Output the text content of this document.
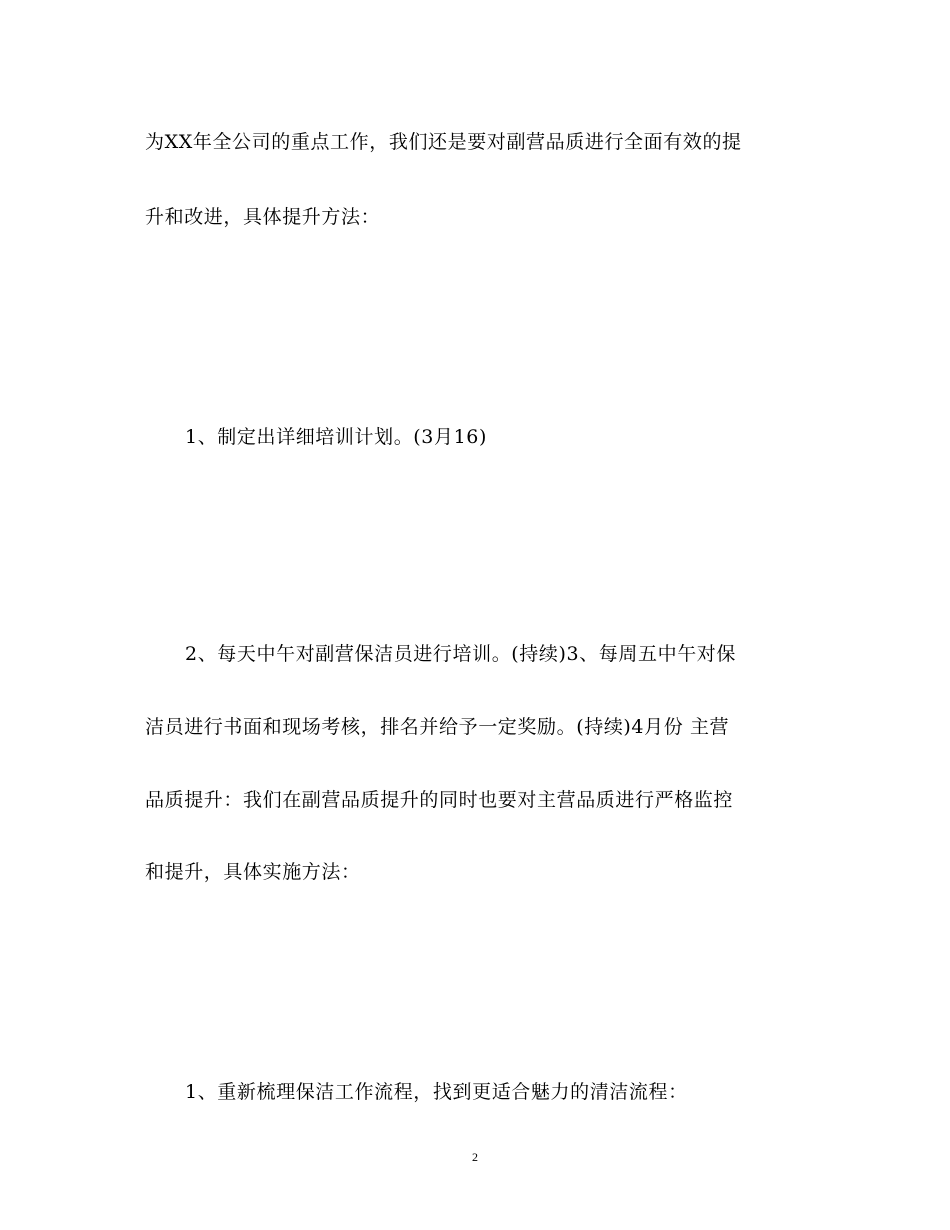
为XX年全公司的重点工作，我们还是要对副营品质进行全面有效的提
升和改进，具体提升方法：
1、制定出详细培训计划。(3月16)
2、每天中午对副营保洁员进行培训。(持续)3、每周五中午对保
洁员进行书面和现场考核，排名并给予一定奖励。(持续)4月份 主营
品质提升：我们在副营品质提升的同时也要对主营品质进行严格监控
和提升，具体实施方法：
1、重新梳理保洁工作流程，找到更适合魅力的清洁流程：
2
